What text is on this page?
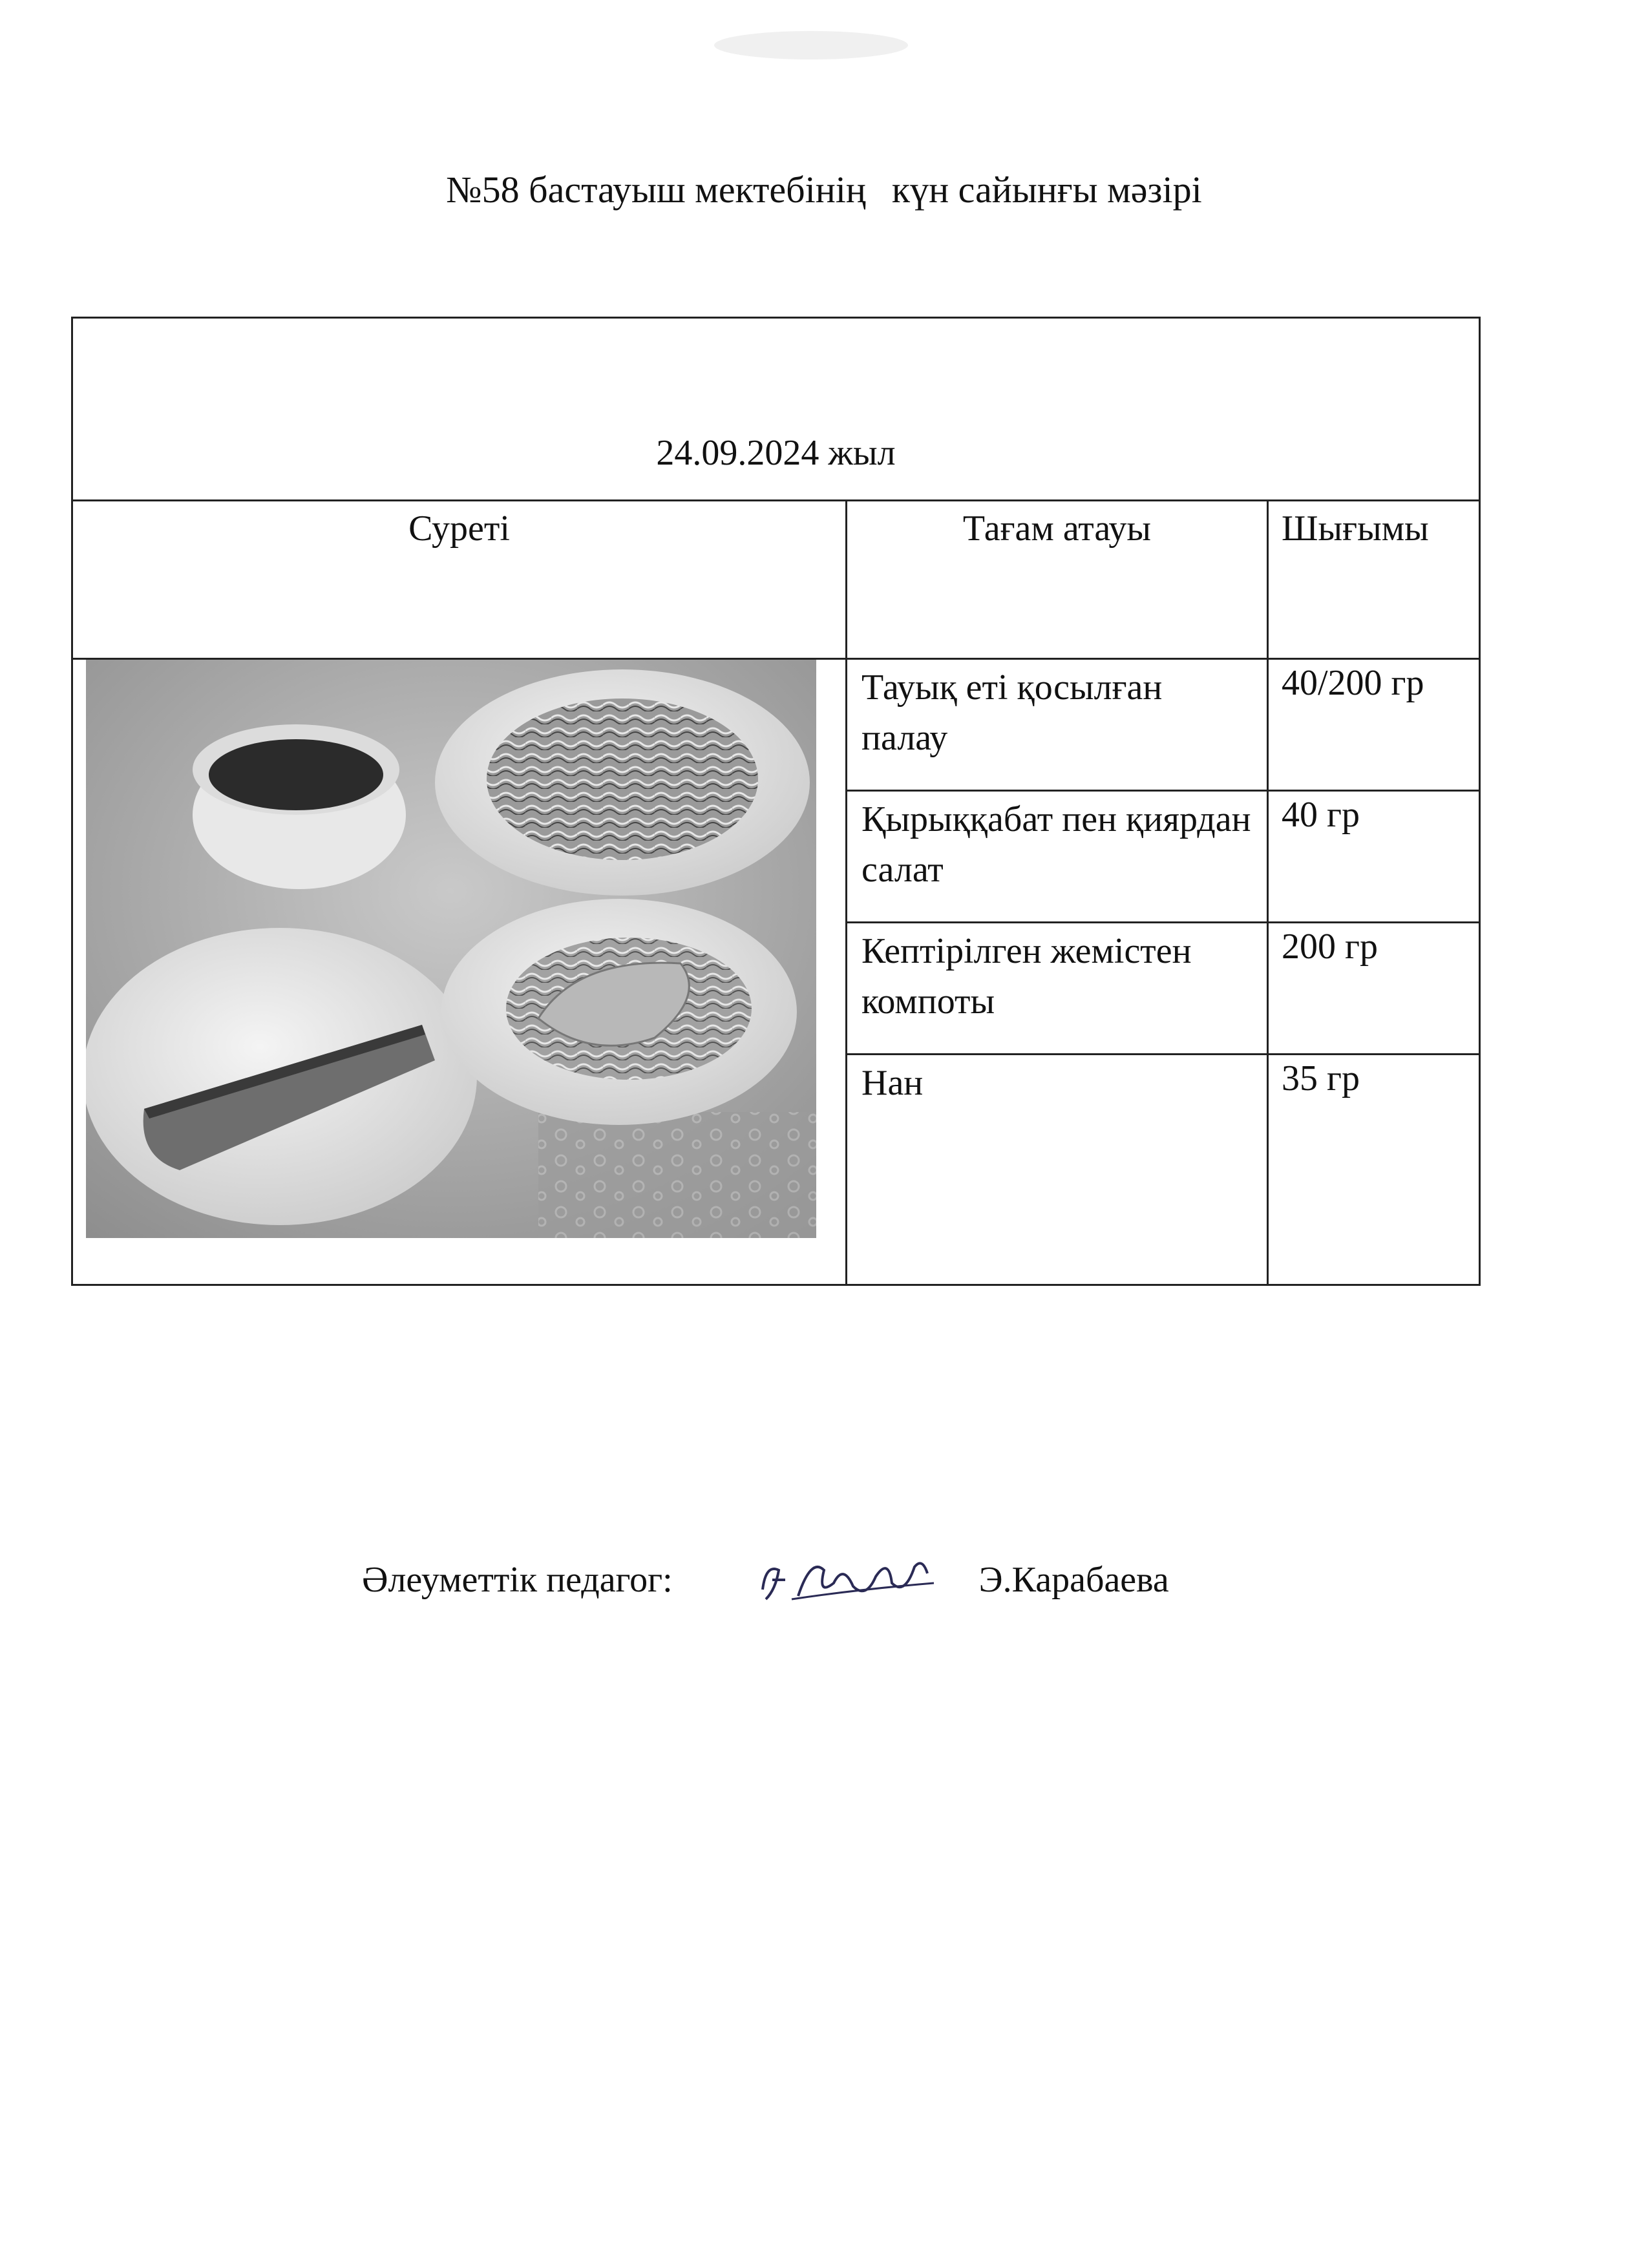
№58 бастауыш мектебінің күн сайынғы мәзірі
24.09.2024 жыл		
Суреті	Тағам атауы	Шығымы

	Тауық еті қосылған палау	40/200 гр
	Қырыққабат пен қиярдан салат	40 гр
	Кептірілген жемістен компоты	200 гр
	Нан	35 гр
Әлеуметтік педагог:	Э.Карабаева
